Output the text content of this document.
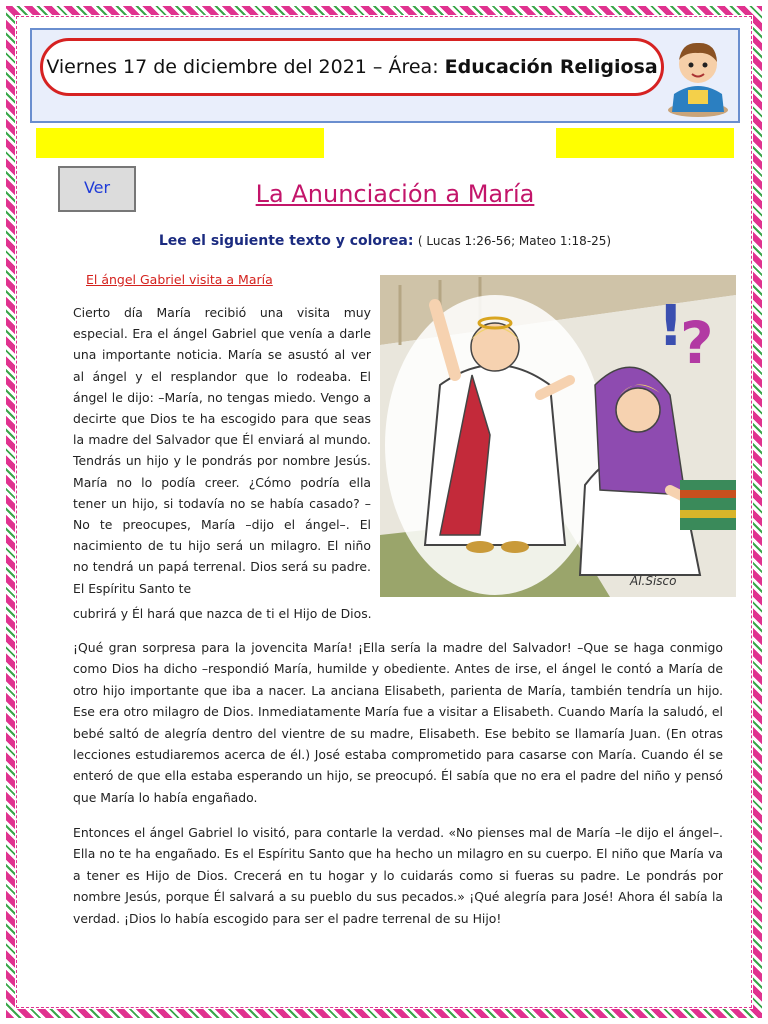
Viernes 17 de diciembre del 2021 – Área: Educación Religiosa
Ver	La Anunciación a María
Lee el siguiente texto y colorea: ( Lucas 1:26-56; Mateo 1:18-25)
El ángel Gabriel visita a María
Cierto día María recibió una visita muy especial. Era el ángel Gabriel que venía a darle una importante noticia. María se asustó al ver al ángel y el resplandor que lo rodeaba. El ángel le dijo: –María, no tengas miedo. Vengo a decirte que Dios te ha escogido para que seas la madre del Salvador que Él enviará al mundo. Tendrás un hijo y le pondrás por nombre Jesús. María no lo podía creer. ¿Cómo podría ella tener un hijo, si todavía no se había casado? –No te preocupes, María –dijo el ángel–. El nacimiento de tu hijo será un milagro. El niño no tendrá un papá terrenal. Dios será su padre. El Espíritu Santo te
cubrirá y Él hará que nazca de ti el Hijo de Dios.
!
?
Al.Sisco
¡Qué gran sorpresa para la jovencita María! ¡Ella sería la madre del Salvador! –Que se haga conmigo como Dios ha dicho –respondió María, humilde y obediente. Antes de irse, el ángel le contó a María de otro hijo importante que iba a nacer. La anciana Elisabeth, parienta de María, también tendría un hijo. Ese era otro milagro de Dios. Inmediatamente María fue a visitar a Elisabeth. Cuando María la saludó, el bebé saltó de alegría dentro del vientre de su madre, Elisabeth. Ese bebito se llamaría Juan. (En otras lecciones estudiaremos acerca de él.) José estaba comprometido para casarse con María. Cuando él se enteró de que ella estaba esperando un hijo, se preocupó. Él sabía que no era el padre del niño y pensó que María lo había engañado.
Entonces el ángel Gabriel lo visitó, para contarle la verdad. «No pienses mal de María –le dijo el ángel–. Ella no te ha engañado. Es el Espíritu Santo que ha hecho un milagro en su cuerpo. El niño que María va a tener es Hijo de Dios. Crecerá en tu hogar y lo cuidarás como si fueras su padre. Le pondrás por nombre Jesús, porque Él salvará a su pueblo du sus pecados.» ¡Qué alegría para José! Ahora él sabía la verdad. ¡Dios lo había escogido para ser el padre terrenal de su Hijo!
